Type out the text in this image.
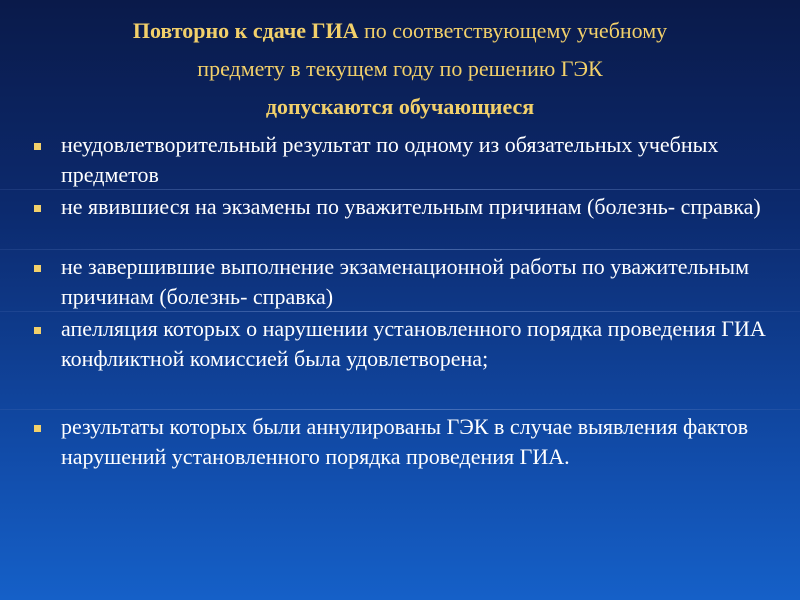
Повторно к сдаче ГИА по соответствующему учебному
предмету в текущем году по решению ГЭК
допускаются обучающиеся
неудовлетворительный результат по одному из обязательных учебных предметов
не явившиеся на экзамены по уважительным причинам (болезнь- справка)
не завершившие выполнение экзаменационной работы по уважительным причинам (болезнь- справка)
апелляция которых о нарушении установленного порядка проведения ГИА конфликтной комиссией была удовлетворена;
результаты которых были аннулированы ГЭК в случае выявления фактов нарушений установленного порядка проведения ГИА.
